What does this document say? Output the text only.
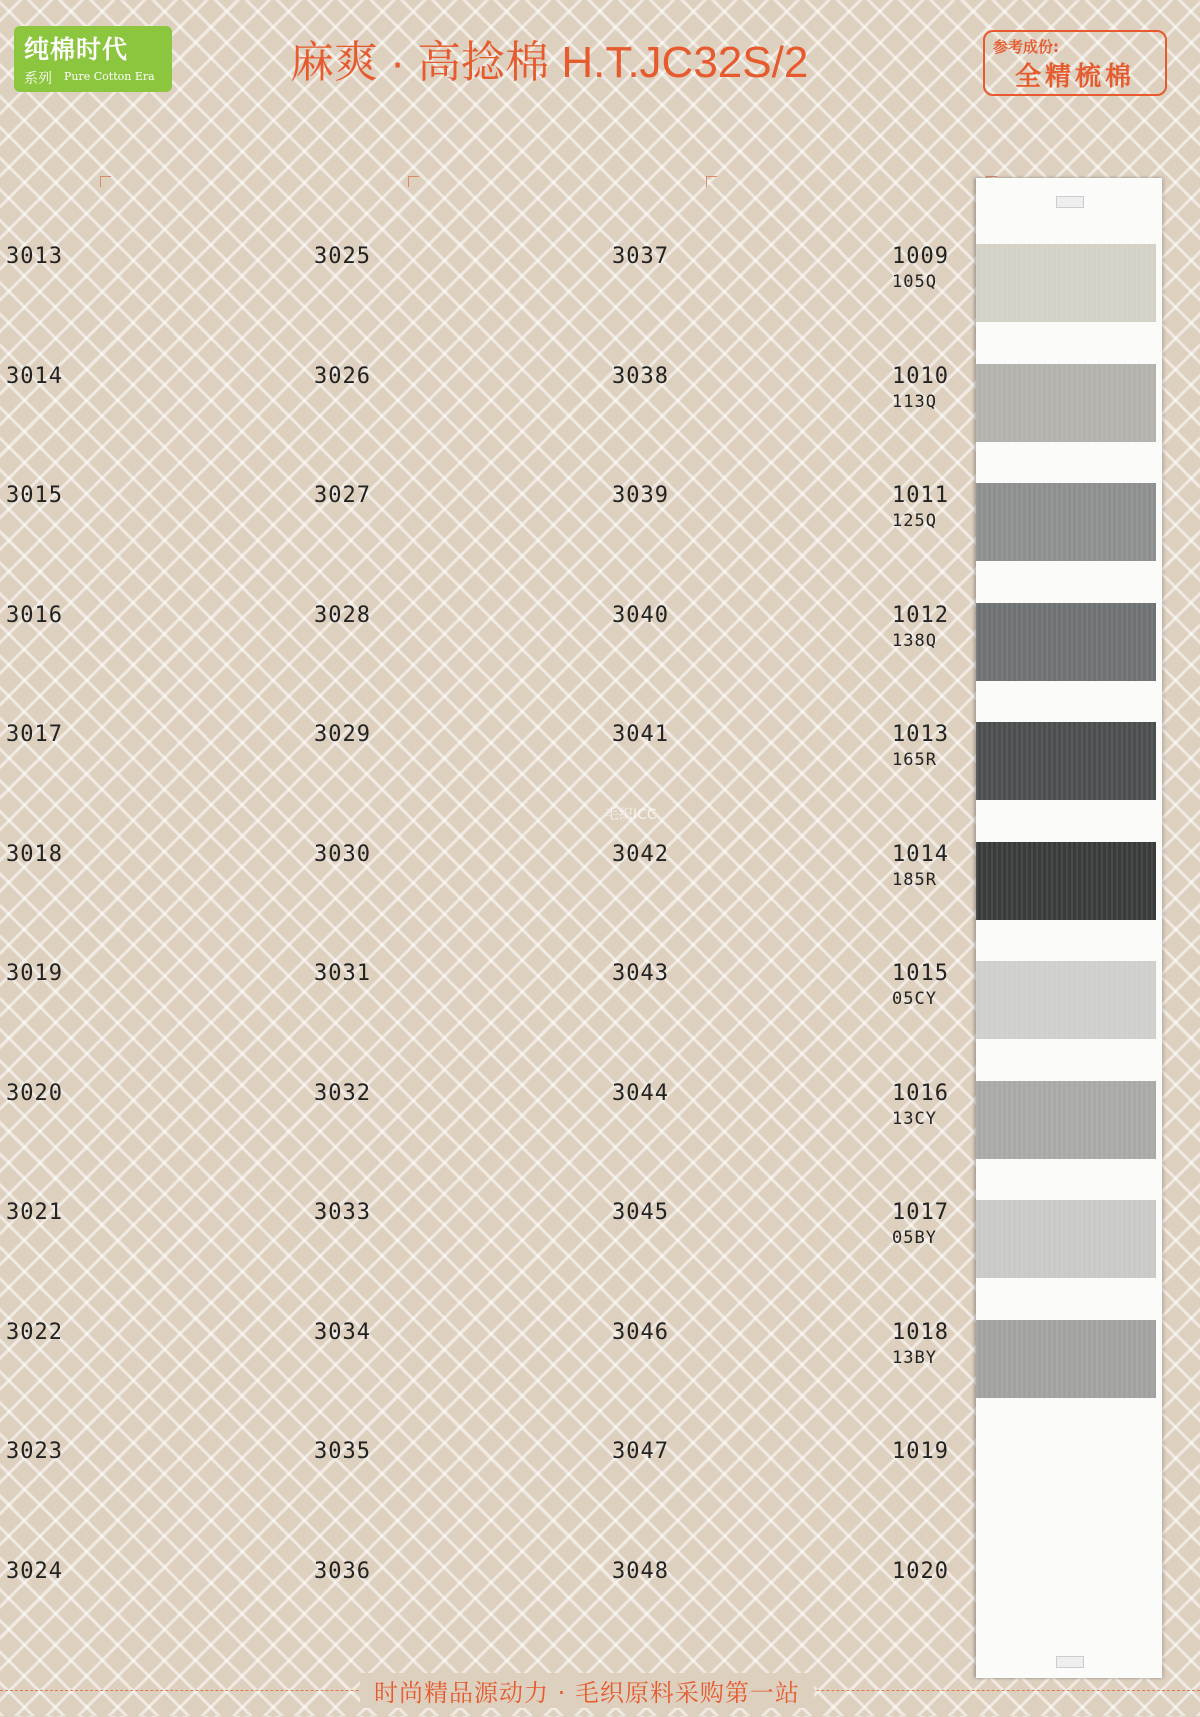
纯棉时代
系列 Pure Cotton Era	麻爽 · 高捻棉 H.T.JC32S/2	参考成份:
全精梳棉
3013
3014
3015
3016
3017
3018
3019
3020
3021
3022
3023
3024
3025
3026
3027
3028
3029
3030
3031
3032
3033
3034
3035
3036
3037
3038
3039
3040
3041
3042
3043
3044
3045
3046
3047
3048
1009
105Q
1010
113Q
1011
125Q
1012
138Q
1013
165R
1014
185R
1015
05CY
1016
13CY
1017
05BY
1018
13BY
1019
1020
毛织ICC
时尚精品源动力 · 毛织原料采购第一站
